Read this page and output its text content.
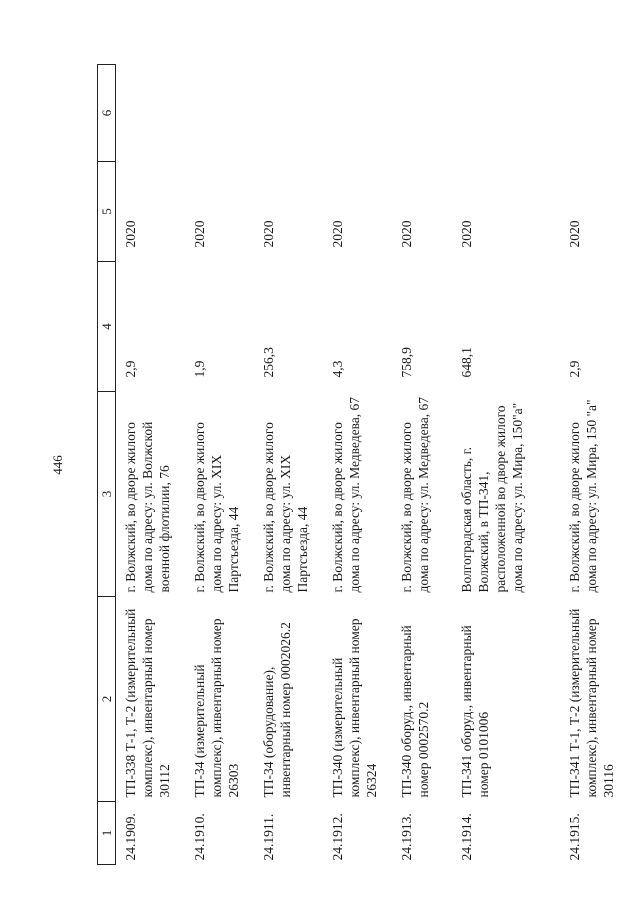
446
1	2	3	4	5	6
24.1909.	ТП-338 Т-1, Т-2 (измерительный комплекс), инвентарный номер 30112	г. Волжский, во дворе жилого дома по адресу: ул. Волжской военной флотилии, 76	2,9	2020	
24.1910.	ТП-34 (измерительный комплекс), инвентарный номер 26303	г. Волжский, во дворе жилого дома по адресу: ул. XIX Партсъезда, 44	1,9	2020	
24.1911.	ТП-34 (оборудование), инвентарный номер 0002026.2	г. Волжский, во дворе жилого дома по адресу: ул. XIX Партсъезда, 44	256,3	2020	
24.1912.	ТП-340 (измерительный комплекс), инвентарный номер 26324	г. Волжский, во дворе жилого дома по адресу: ул. Медведева, 67	4,3	2020	
24.1913.	ТП-340 оборуд., инвентарный номер 0002570.2	г. Волжский, во дворе жилого дома по адресу: ул. Медведева, 67	758,9	2020	
24.1914.	ТП-341 оборуд., инвентарный номер 0101006	Волгоградская область, г. Волжский, в ТП-341, расположенной во дворе жилого дома по адресу: ул. Мира, 150"а"	648,1	2020	
24.1915.	ТП-341 Т-1, Т-2 (измерительный комплекс), инвентарный номер 30116	г. Волжский, во дворе жилого дома по адресу: ул. Мира, 150 "а"	2,9	2020	
